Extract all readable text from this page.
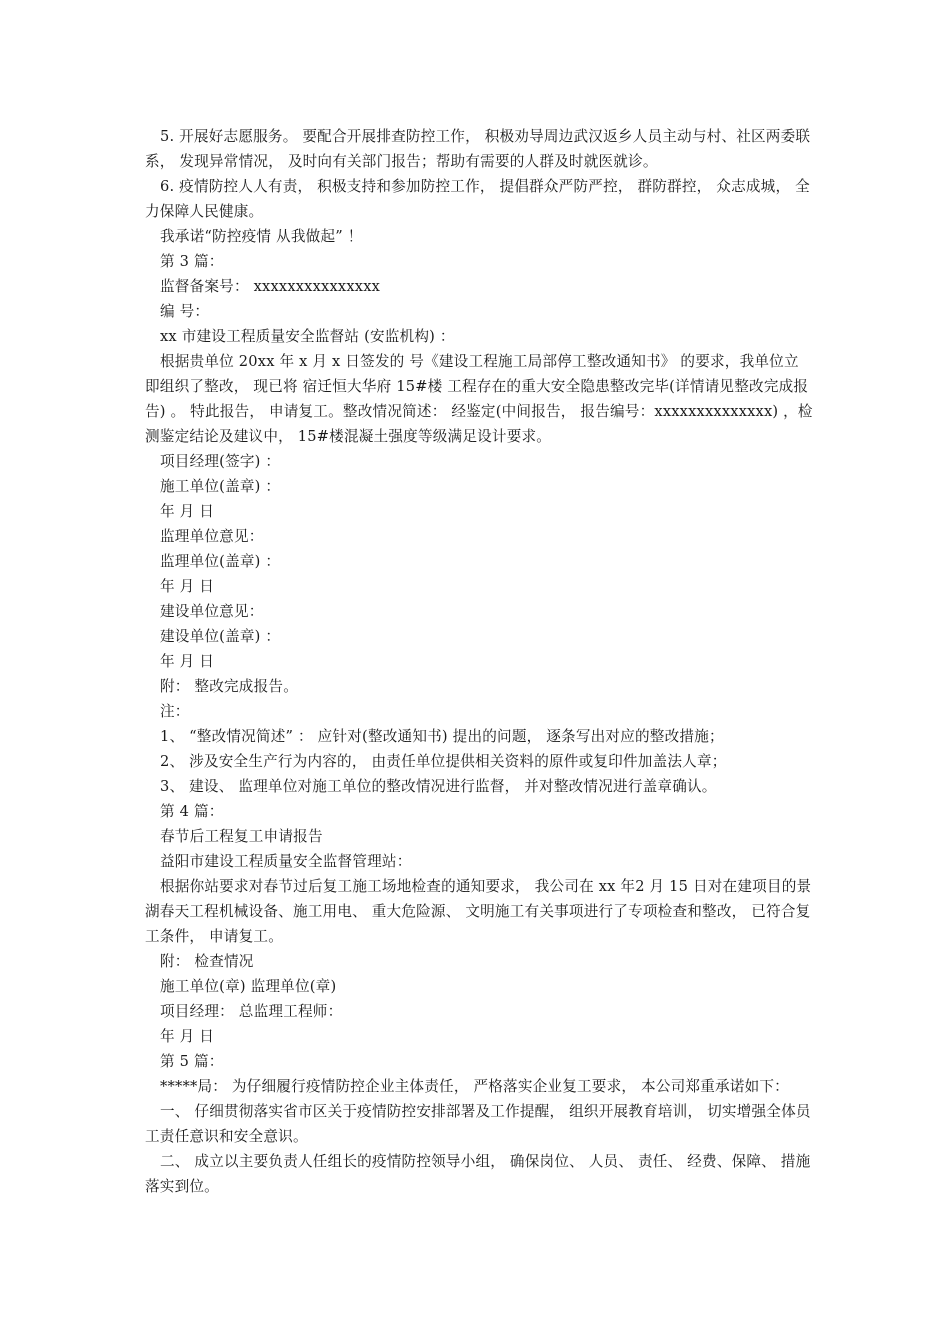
5. 开展好志愿服务。 要配合开展排查防控工作， 积极劝导周边武汉返乡人员主动与村、社区两委联系， 发现异常情况， 及时向有关部门报告；帮助有需要的人群及时就医就诊。

6. 疫情防控人人有责， 积极支持和参加防控工作， 提倡群众严防严控， 群防群控， 众志成城， 全力保障人民健康。

我承诺“防控疫情 从我做起” ！

第 3 篇：

监督备案号： xxxxxxxxxxxxxxx

编 号：

xx 市建设工程质量安全监督站 (安监机构) ：

根据贵单位 20xx 年 x 月 x 日签发的 号《建设工程施工局部停工整改通知书》 的要求，我单位立即组织了整改， 现已将 宿迁恒大华府 15#楼 工程存在的重大安全隐患整改完毕(详情请见整改完成报告) 。 特此报告， 申请复工。整改情况简述： 经鉴定(中间报告， 报告编号：xxxxxxxxxxxxxx) ，检测鉴定结论及建议中， 15#楼混凝土强度等级满足设计要求。

项目经理(签字) ：

施工单位(盖章) ：

年 月 日

监理单位意见：

监理单位(盖章) ：

年 月 日

建设单位意见：

建设单位(盖章) ：

年 月 日

附： 整改完成报告。

注：

1、 “整改情况简述” ： 应针对(整改通知书) 提出的问题， 逐条写出对应的整改措施；

2、 涉及安全生产行为内容的， 由责任单位提供相关资料的原件或复印件加盖法人章；

3、 建设、 监理单位对施工单位的整改情况进行监督， 并对整改情况进行盖章确认。

第 4 篇：

春节后工程复工申请报告

益阳市建设工程质量安全监督管理站：

根据你站要求对春节过后复工施工场地检查的通知要求， 我公司在 xx 年2 月 15 日对在建项目的景湖春天工程机械设备、施工用电、 重大危险源、 文明施工有关事项进行了专项检查和整改， 已符合复工条件， 申请复工。

附： 检查情况

施工单位(章) 监理单位(章)

项目经理： 总监理工程师：

年 月 日

第 5 篇：

*****局： 为仔细履行疫情防控企业主体责任， 严格落实企业复工要求， 本公司郑重承诺如下：

一、 仔细贯彻落实省市区关于疫情防控安排部署及工作提醒， 组织开展教育培训， 切实增强全体员工责任意识和安全意识。

二、 成立以主要负责人任组长的疫情防控领导小组， 确保岗位、 人员、 责任、 经费、保障、 措施落实到位。
